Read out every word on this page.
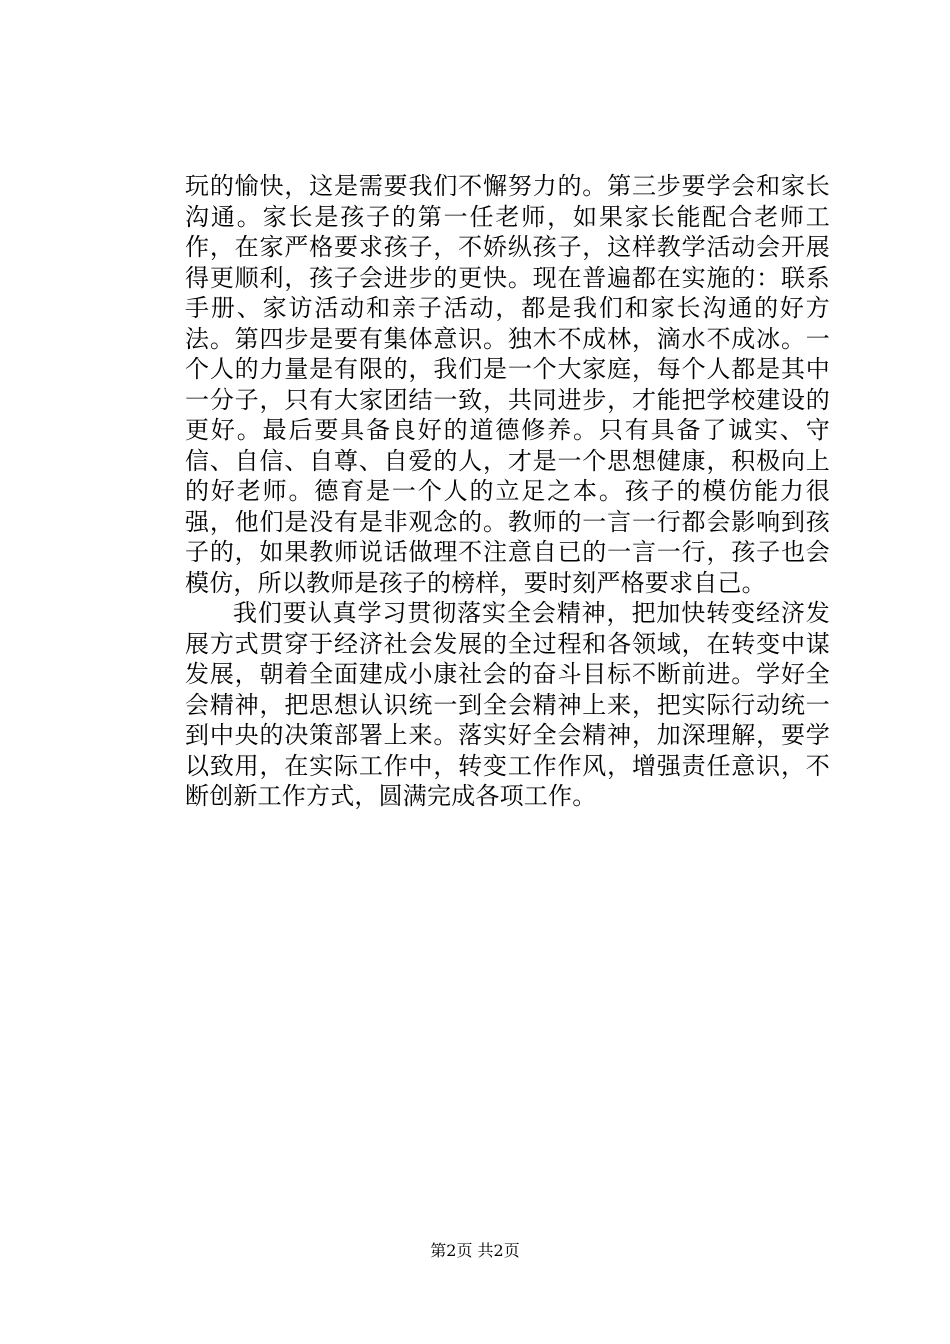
玩的愉快，这是需要我们不懈努力的。第三步要学会和家长沟通。家长是孩子的第一任老师，如果家长能配合老师工作，在家严格要求孩子，不娇纵孩子，这样教学活动会开展得更顺利，孩子会进步的更快。现在普遍都在实施的：联系手册、家访活动和亲子活动，都是我们和家长沟通的好方法。第四步是要有集体意识。独木不成林，滴水不成冰。一个人的力量是有限的，我们是一个大家庭，每个人都是其中一分子，只有大家团结一致，共同进步，才能把学校建设的更好。最后要具备良好的道德修养。只有具备了诚实、守信、自信、自尊、自爱的人，才是一个思想健康，积极向上的好老师。德育是一个人的立足之本。孩子的模仿能力很强，他们是没有是非观念的。教师的一言一行都会影响到孩子的，如果教师说话做理不注意自已的一言一行，孩子也会模仿，所以教师是孩子的榜样，要时刻严格要求自己。

我们要认真学习贯彻落实全会精神，把加快转变经济发展方式贯穿于经济社会发展的全过程和各领域，在转变中谋发展，朝着全面建成小康社会的奋斗目标不断前进。学好全会精神，把思想认识统一到全会精神上来，把实际行动统一到中央的决策部署上来。落实好全会精神，加深理解，要学以致用，在实际工作中，转变工作作风，增强责任意识，不断创新工作方式，圆满完成各项工作。

第2页 共2页
